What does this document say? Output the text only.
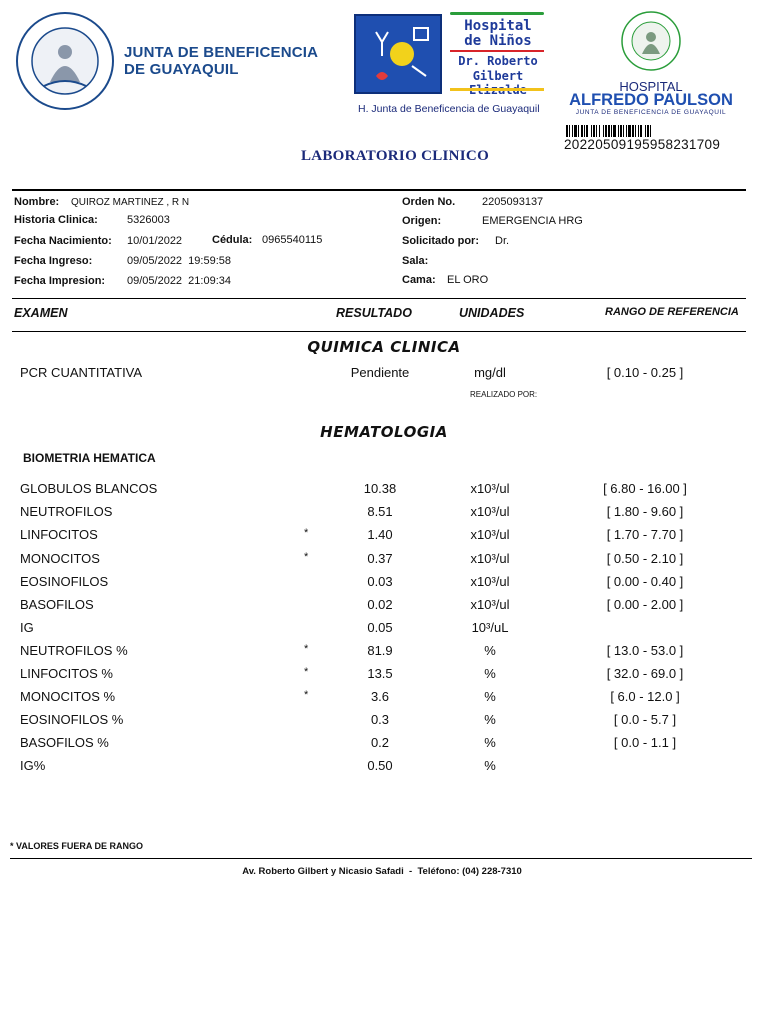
JUNTA DE BENEFICENCIA
DE GUAYAQUIL
Hospital
de Niños
Dr. Roberto
Gilbert
H. Junta de Beneficencia de Guayaquil
HOSPITAL
ALFREDO PAULSON
JUNTA DE BENEFICENCIA DE GUAYAQUIL
20220509195958231709
LABORATORIO CLINICO
Nombre: QUIROZ MARTINEZ , R N
Historia Clinica:	5326003
Fecha Nacimiento: 10/01/2022	Cédula: 0965540115
Fecha Ingreso:	09/05/2022  19:59:58
Fecha Impresion: 09/05/2022  21:09:34
Orden No. 2205093137
Origen:	EMERGENCIA HRG
Solicitado por: Dr.
Sala:
Cama: EL ORO
EXAMEN	RESULTADO	UNIDADES	RANGO DE REFERENCIA
QUIMICA CLINICA
PCR CUANTITATIVA	Pendiente	mg/dl	[ 0.10 - 0.25 ]
REALIZADO POR:
HEMATOLOGIA
BIOMETRIA HEMATICA
GLOBULOS BLANCOS	10.38	x10³/ul	[ 6.80 - 16.00 ]
NEUTROFILOS	8.51	x10³/ul	[ 1.80 - 9.60 ]
LINFOCITOS	*	1.40	x10³/ul	[ 1.70 - 7.70 ]
MONOCITOS	*	0.37	x10³/ul	[ 0.50 - 2.10 ]
EOSINOFILOS	0.03	x10³/ul	[ 0.00 - 0.40 ]
BASOFILOS	0.02	x10³/ul	[ 0.00 - 2.00 ]
IG	0.05	10³/uL
NEUTROFILOS %	*	81.9	%	[ 13.0 - 53.0 ]
LINFOCITOS %	*	13.5	%	[ 32.0 - 69.0 ]
MONOCITOS %	*	3.6	%	[ 6.0 - 12.0 ]
EOSINOFILOS %	0.3	%	[ 0.0 - 5.7 ]
BASOFILOS %	0.2	%	[ 0.0 - 1.1 ]
IG%	0.50	%
* VALORES FUERA DE RANGO
Av. Roberto Gilbert y Nicasio Safadi  -  Teléfono: (04) 228-7310
